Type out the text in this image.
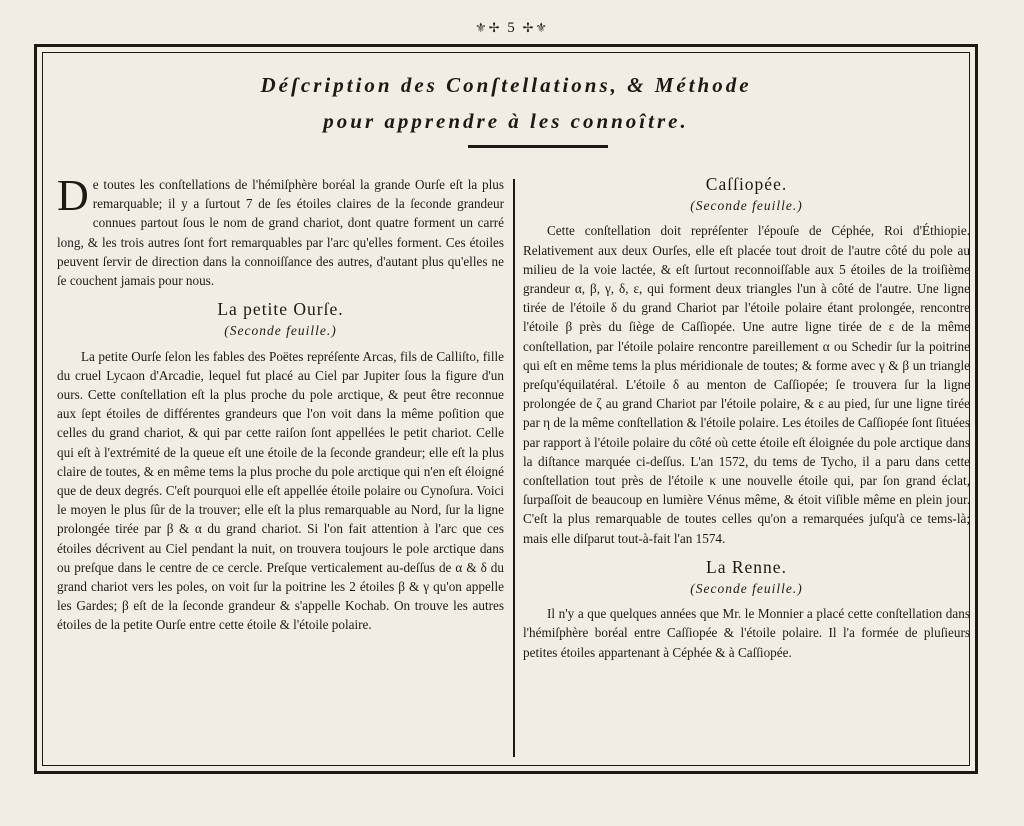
⚜✢ 5 ✢⚜
Déſcription des Conſtellations, & Méthode
pour apprendre à les connoître.

De toutes les conſtellations de l'hémiſphère boréal la grande Ourſe eſt la plus remarquable; il y a ſurtout 7 de ſes étoiles claires de la ſeconde grandeur connues partout ſous le nom de grand chariot, dont quatre forment un carré long, & les trois autres ſont fort remarquables par l'arc qu'elles forment. Ces étoiles peuvent ſervir de direction dans la connoiſſance des autres, d'autant plus qu'elles ne ſe couchent jamais pour nous.

La petite Ourſe.
(Seconde feuille.)

La petite Ourſe ſelon les fables des Poëtes repréſente Arcas, fils de Calliſto, fille du cruel Lycaon d'Arcadie, lequel fut placé au Ciel par Jupiter ſous la figure d'un ours. Cette conſtellation eſt la plus proche du pole arctique, & peut être reconnue aux ſept étoiles de différentes grandeurs que l'on voit dans la même poſition que celles du grand chariot, & qui par cette raiſon ſont appellées le petit chariot. Celle qui eſt à l'extrémité de la queue eſt une étoile de la ſeconde grandeur; elle eſt la plus claire de toutes, & en même tems la plus proche du pole arctique qui n'en eſt éloigné que de deux degrés. C'eſt pourquoi elle eſt appellée étoile polaire ou Cynoſura. Voici le moyen le plus ſûr de la trouver; elle eſt la plus remarquable au Nord, ſur la ligne prolongée tirée par β & α du grand chariot. Si l'on fait attention à l'arc que ces étoiles décrivent au Ciel pendant la nuit, on trouvera toujours le pole arctique dans ou preſque dans le centre de ce cercle. Preſque verticalement au-deſſus de α & δ du grand chariot vers les poles, on voit ſur la poitrine les 2 étoiles β & γ qu'on appelle les Gardes; β eſt de la ſeconde grandeur & s'appelle Kochab. On trouve les autres étoiles de la petite Ourſe entre cette étoile & l'étoile polaire.

Caſſiopée.
(Seconde feuille.)

Cette conſtellation doit repréſenter l'épouſe de Céphée, Roi d'Éthiopie. Relativement aux deux Ourſes, elle eſt placée tout droit de l'autre côté du pole au milieu de la voie lactée, & eſt ſurtout reconnoiſſable aux 5 étoiles de la troiſième grandeur α, β, γ, δ, ε, qui forment deux triangles l'un à côté de l'autre. Une ligne tirée de l'étoile δ du grand Chariot par l'étoile polaire étant prolongée, rencontre l'étoile β près du ſiège de Caſſiopée. Une autre ligne tirée de ε de la même conſtellation, par l'étoile polaire rencontre pareillement α ou Schedir ſur la poitrine qui eſt en même tems la plus méridionale de toutes; & forme avec γ & β un triangle preſqu'équilatéral. L'étoile δ au menton de Caſſiopée; ſe trouvera ſur la ligne prolongée de ζ au grand Chariot par l'étoile polaire, & ε au pied, ſur une ligne tirée par η de la même conſtellation & l'étoile polaire. Les étoiles de Caſſiopée ſont ſituées par rapport à l'étoile polaire du côté où cette étoile eſt éloignée du pole arctique dans la diſtance marquée ci-deſſus. L'an 1572, du tems de Tycho, il a paru dans cette conſtellation tout près de l'étoile κ une nouvelle étoile qui, par ſon grand éclat, ſurpaſſoit de beaucoup en lumière Vénus même, & étoit viſible même en plein jour. C'eſt la plus remarquable de toutes celles qu'on a remarquées juſqu'à ce tems-là; mais elle diſparut tout-à-fait l'an 1574.

La Renne.
(Seconde feuille.)

Il n'y a que quelques années que Mr. le Monnier a placé cette conſtellation dans l'hémiſphère boréal entre Caſſiopée & l'étoile polaire. Il l'a formée de pluſieurs petites étoiles appartenant à Céphée & à Caſſiopée.
